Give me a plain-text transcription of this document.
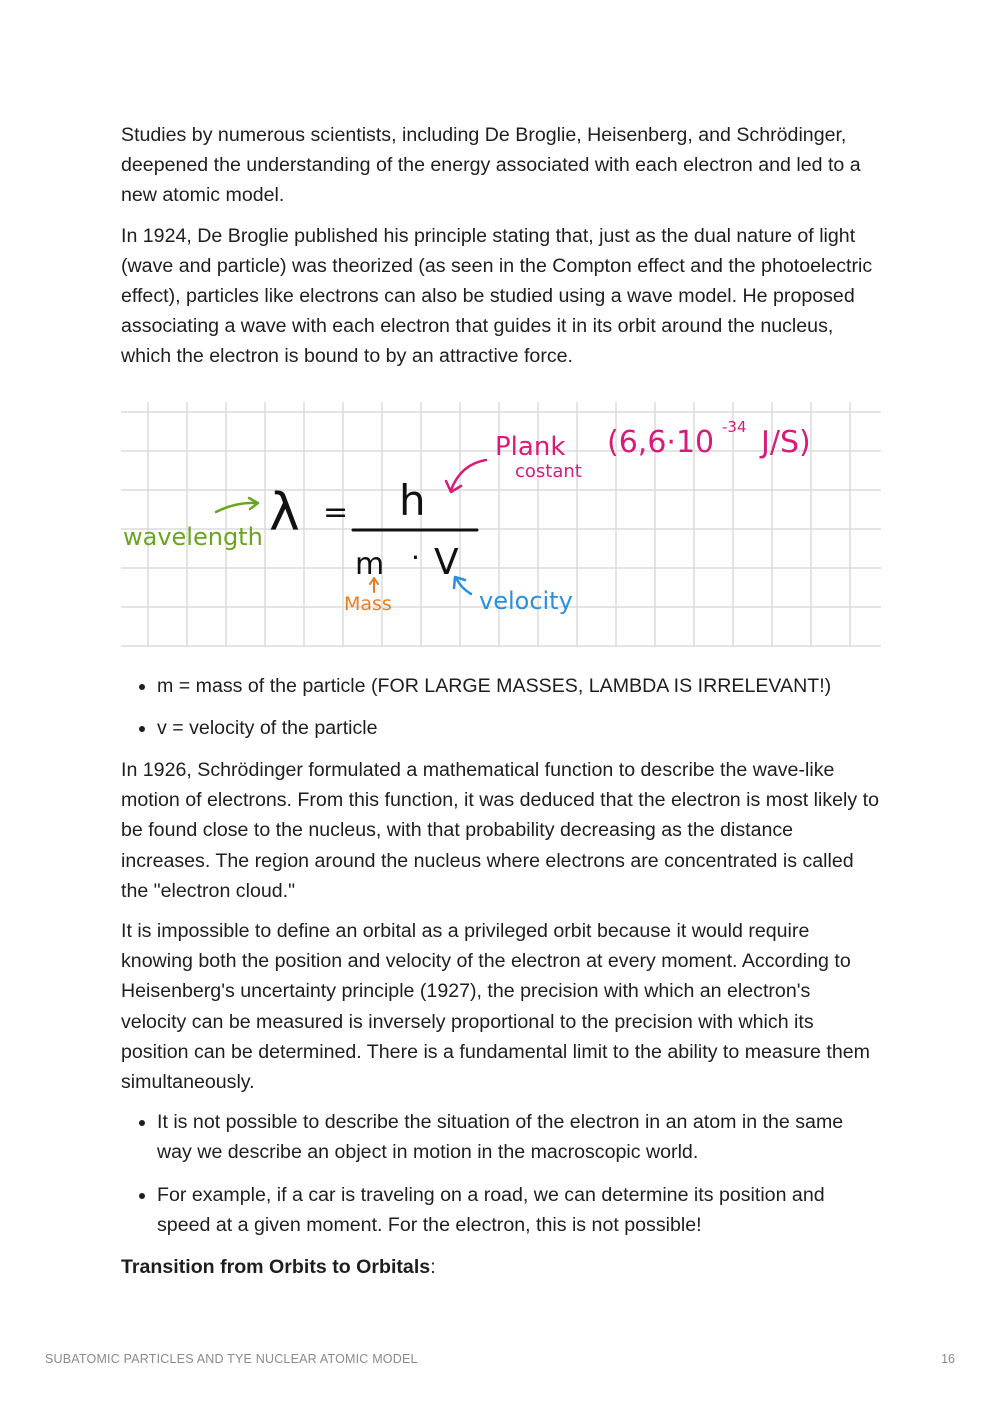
Studies by numerous scientists, including De Broglie, Heisenberg, and Schrödinger, deepened the understanding of the energy associated with each electron and led to a new atomic model.

In 1924, De Broglie published his principle stating that, just as the dual nature of light (wave and particle) was theorized (as seen in the Compton effect and the photoelectric effect), particles like electrons can also be studied using a wave model. He proposed associating a wave with each electron that guides it in its orbit around the nucleus, which the electron is bound to by an attractive force.

λ = h
m · V
wavelength
Plank
costant
(6,6·10 -34 J/S)
Mass	velocity
• m = mass of the particle (FOR LARGE MASSES, LAMBDA IS IRRELEVANT!)
• v = velocity of the particle

In 1926, Schrödinger formulated a mathematical function to describe the wave-like motion of electrons. From this function, it was deduced that the electron is most likely to be found close to the nucleus, with that probability decreasing as the distance increases. The region around the nucleus where electrons are concentrated is called the "electron cloud."

It is impossible to define an orbital as a privileged orbit because it would require knowing both the position and velocity of the electron at every moment. According to Heisenberg's uncertainty principle (1927), the precision with which an electron's velocity can be measured is inversely proportional to the precision with which its position can be determined. There is a fundamental limit to the ability to measure them simultaneously.

• It is not possible to describe the situation of the electron in an atom in the same way we describe an object in motion in the macroscopic world.
• For example, if a car is traveling on a road, we can determine its position and speed at a given moment. For the electron, this is not possible!

Transition from Orbits to Orbitals:

SUBATOMIC PARTICLES AND TYE NUCLEAR ATOMIC MODEL	16
